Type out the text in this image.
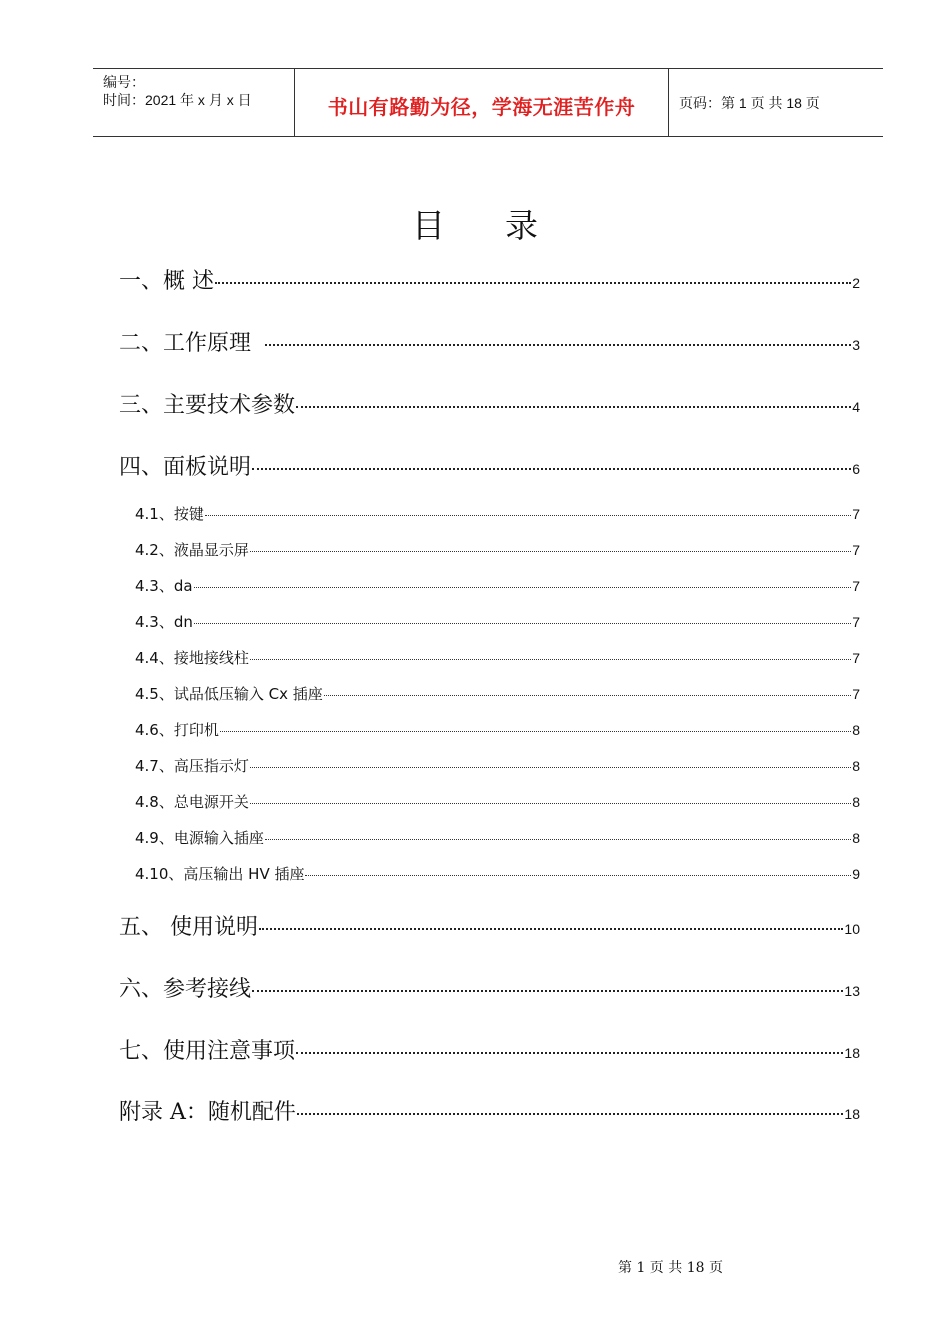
编号：
时间：2021 年 x 月 x 日	书山有路勤为径，学海无涯苦作舟	页码：第 1 页 共 18 页
目录
一、概 述	2
二、工作原理	3
三、主要技术参数	4
四、面板说明	6
4.1、按键	7
4.2、液晶显示屏	7
4.3、da	7
4.3、dn	7
4.4、接地接线柱	7
4.5、试品低压输入 Cx 插座	7
4.6、打印机	8
4.7、高压指示灯	8
4.8、总电源开关	8
4.9、电源输入插座	8
4.10、高压输出 HV 插座	9
五、 使用说明	10
六、参考接线	13
七、使用注意事项	18
附录 A：随机配件	18
第 1 页 共 18 页
